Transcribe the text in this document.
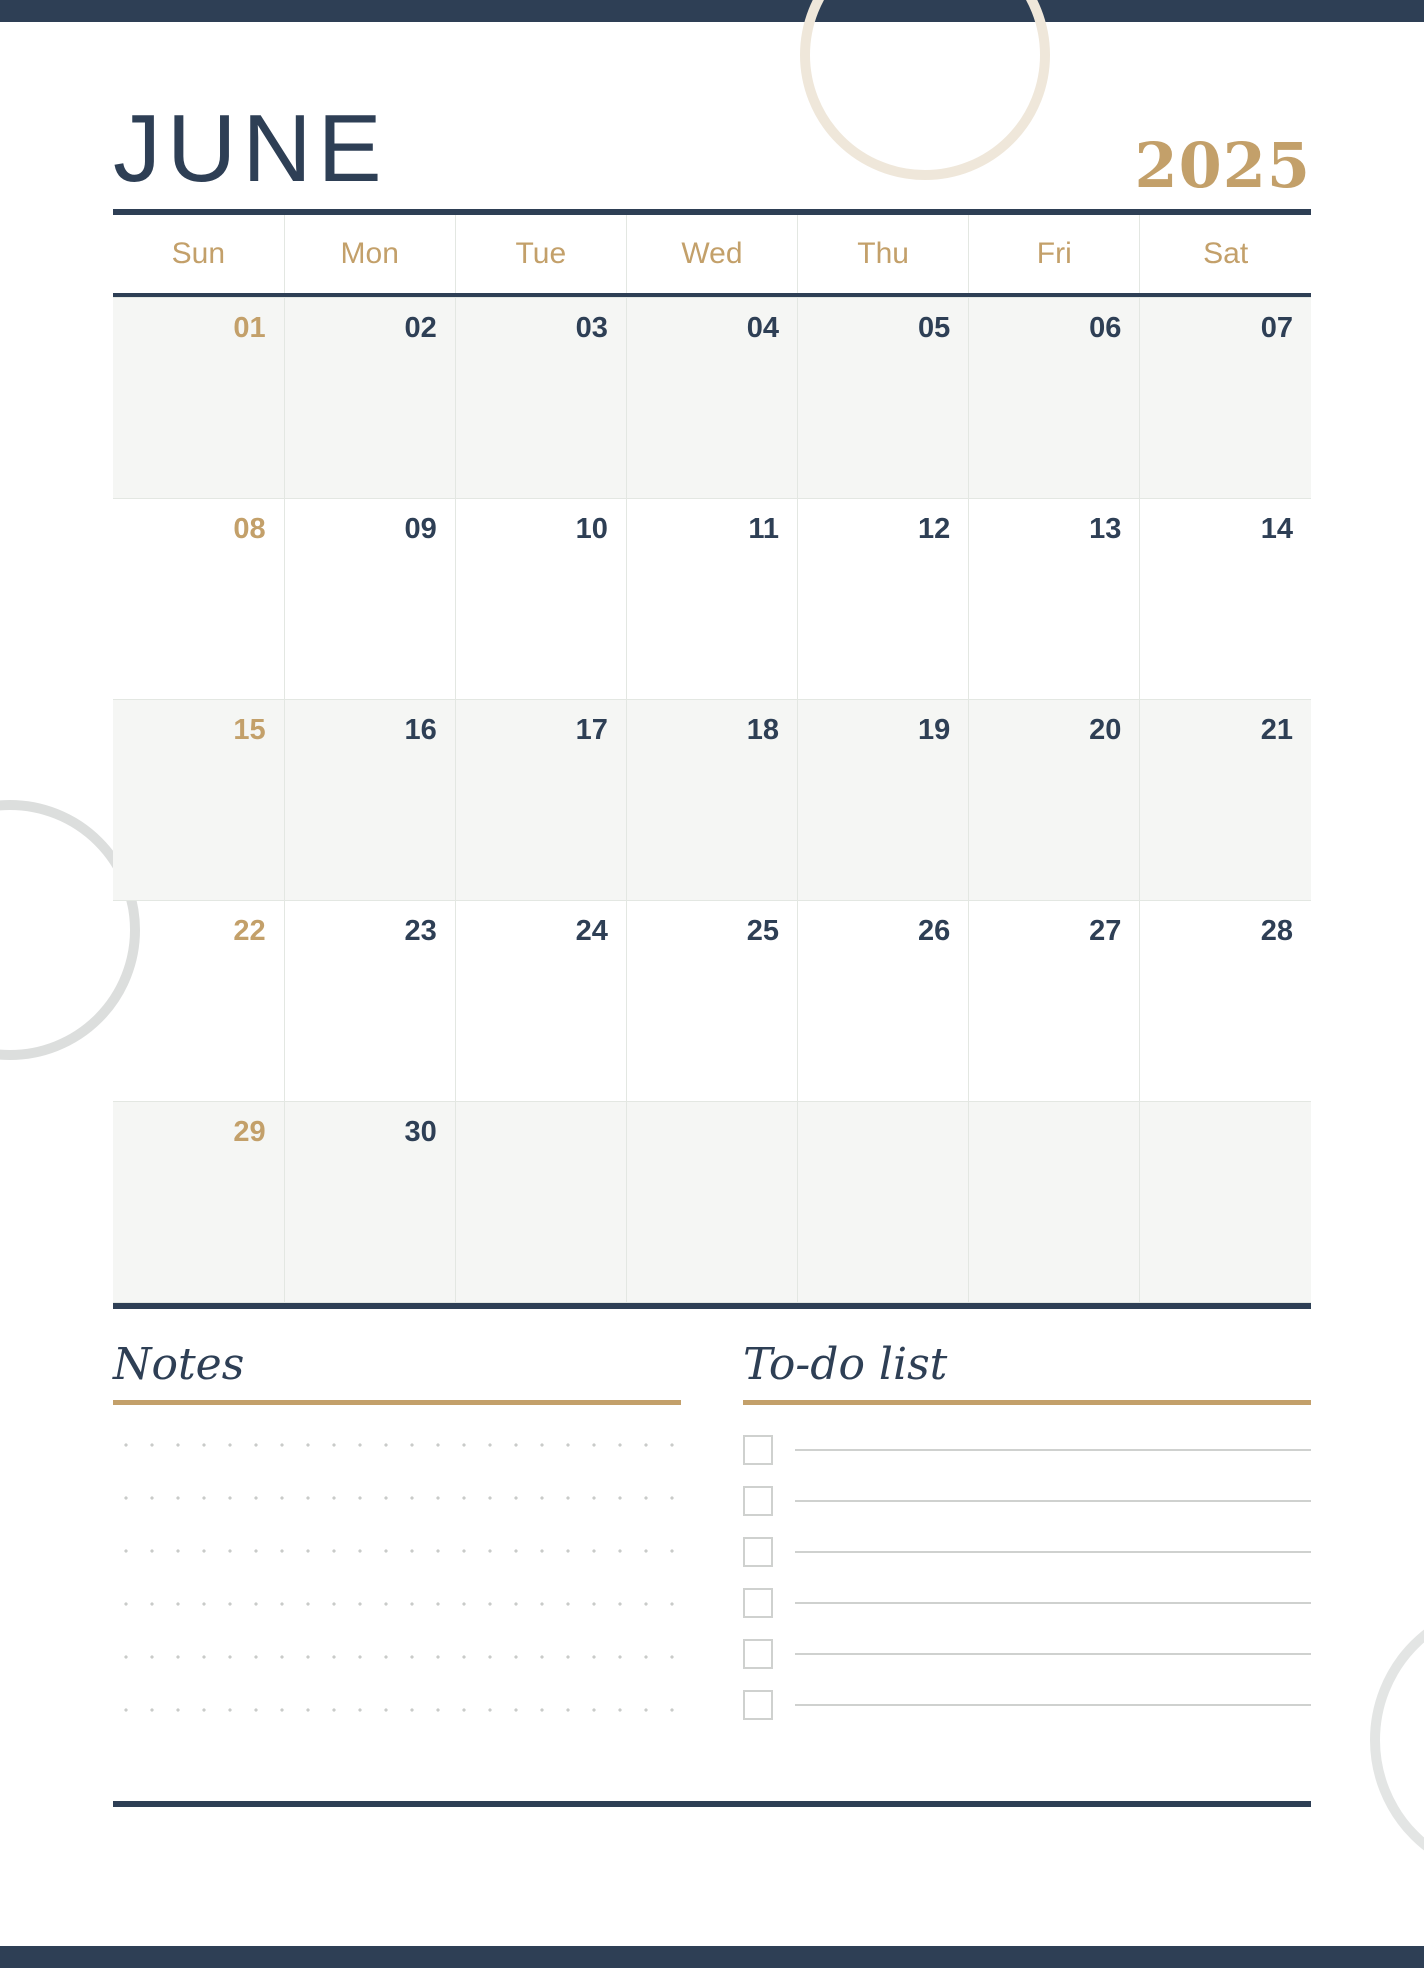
JUNE	2025
Sun	Mon	Tue	Wed	Thu	Fri	Sat
01	02	03	04	05	06	07
08	09	10	11	12	13	14
15	16	17	18	19	20	21
22	23	24	25	26	27	28
29	30					
Notes	To-do list
